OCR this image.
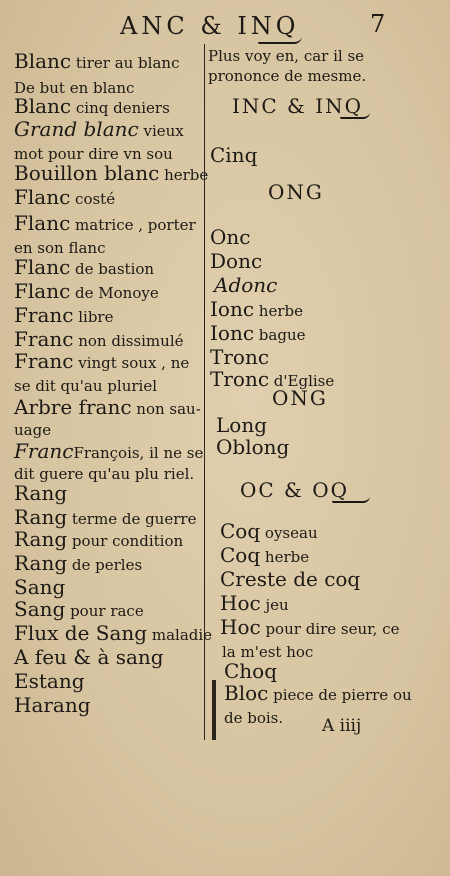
ANC & INQ	7
Blanc tirer au blanc
De but en blanc
Blanc cinq deniers
Grand blanc vieux
mot pour dire vn sou
Bouillon blanc herbe
Flanc costé
Flanc matrice , porter
en son flanc
Flanc de bastion
Flanc de Monoye
Franc libre
Franc non dissimulé
Franc vingt soux , ne
se dit qu'au pluriel
Arbre franc non sau-
uage
FrancFrançois, il ne se
dit guere qu'au plu riel.
Rang
Rang terme de guerre
Rang pour condition
Rang de perles
Sang
Sang pour race
Flux de Sang maladie
A feu & à sang
Estang
Harang
Plus voy en, car il se
prononce de mesme.
INC & INQ
ONG
ONG
OC & OQ
Cinq
Onc
Donc
Adonc
Ionc herbe
Ionc bague
Tronc
Tronc d'Eglise
Long
Oblong
Coq oyseau
Coq herbe
Creste de coq
Hoc jeu
Hoc pour dire seur, ce
la m'est hoc
Choq
Bloc piece de pierre ou
de bois. A iiij
